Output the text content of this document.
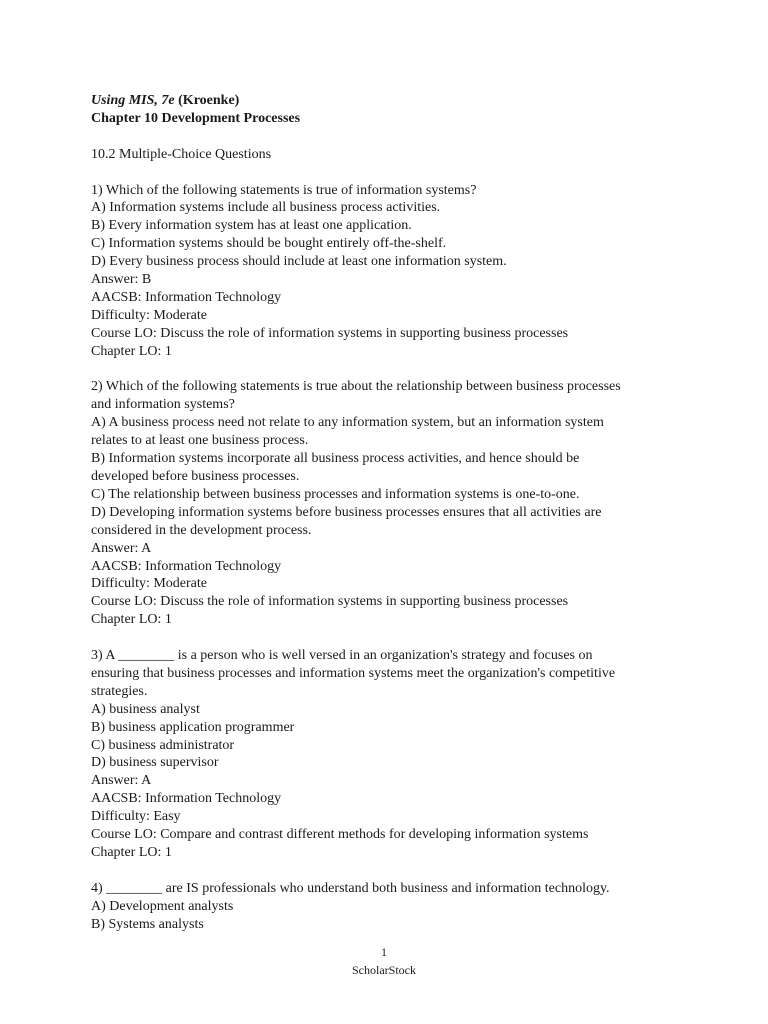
Using MIS, 7e (Kroenke)
Chapter 10 Development Processes
10.2 Multiple-Choice Questions
1) Which of the following statements is true of information systems?
A) Information systems include all business process activities.
B) Every information system has at least one application.
C) Information systems should be bought entirely off-the-shelf.
D) Every business process should include at least one information system.
Answer: B
AACSB: Information Technology
Difficulty: Moderate
Course LO: Discuss the role of information systems in supporting business processes
Chapter LO: 1
2) Which of the following statements is true about the relationship between business processes
and information systems?
A) A business process need not relate to any information system, but an information system
relates to at least one business process.
B) Information systems incorporate all business process activities, and hence should be
developed before business processes.
C) The relationship between business processes and information systems is one-to-one.
D) Developing information systems before business processes ensures that all activities are
considered in the development process.
Answer: A
AACSB: Information Technology
Difficulty: Moderate
Course LO: Discuss the role of information systems in supporting business processes
Chapter LO: 1
3) A ________ is a person who is well versed in an organization's strategy and focuses on
ensuring that business processes and information systems meet the organization's competitive
strategies.
A) business analyst
B) business application programmer
C) business administrator
D) business supervisor
Answer: A
AACSB: Information Technology
Difficulty: Easy
Course LO: Compare and contrast different methods for developing information systems
Chapter LO: 1
4) ________ are IS professionals who understand both business and information technology.
A) Development analysts
B) Systems analysts
1
ScholarStock
